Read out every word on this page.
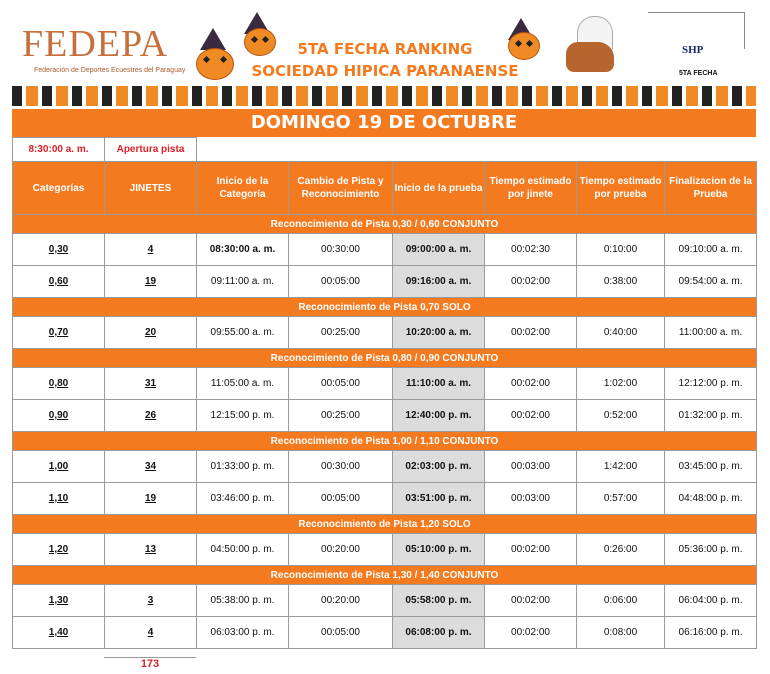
FEDEPA
Federación de Deportes Ecuestres del Paraguay
5TA FECHA RANKING
SOCIEDAD HIPICA PARANAENSE
SHP
5TA FECHA
DOMINGO 19 DE OCTUBRE
8:30:00 a. m.	Apertura pista						
Categorías	JINETES	Inicio de la Categoría	Cambio de Pista y Reconocimiento	Inicio de la prueba	Tiempo estimado por jinete	Tiempo estimado por prueba	Finalizacion de la Prueba
Reconocimiento de Pista 0,30 / 0,60 CONJUNTO							
0,30	4	08:30:00 a. m.	00:30:00	09:00:00 a. m.	00:02:30	0:10:00	09:10:00 a. m.
0,60	19	09:11:00 a. m.	00:05:00	09:16:00 a. m.	00:02:00	0:38:00	09:54:00 a. m.
Reconocimiento de Pista 0,70 SOLO							
0,70	20	09:55:00 a. m.	00:25:00	10:20:00 a. m.	00:02:00	0:40:00	11:00:00 a. m.
Reconocimiento de Pista 0,80 / 0,90 CONJUNTO							
0,80	31	11:05:00 a. m.	00:05:00	11:10:00 a. m.	00:02:00	1:02:00	12:12:00 p. m.
0,90	26	12:15:00 p. m.	00:25:00	12:40:00 p. m.	00:02:00	0:52:00	01:32:00 p. m.
Reconocimiento de Pista 1,00 / 1,10 CONJUNTO							
1,00	34	01:33:00 p. m.	00:30:00	02:03:00 p. m.	00:03:00	1:42:00	03:45:00 p. m.
1,10	19	03:46:00 p. m.	00:05:00	03:51:00 p. m.	00:03:00	0:57:00	04:48:00 p. m.
Reconocimiento de Pista 1,20 SOLO							
1,20	13	04:50:00 p. m.	00:20:00	05:10:00 p. m.	00:02:00	0:26:00	05:36:00 p. m.
Reconocimiento de Pista 1,30 / 1,40 CONJUNTO							
1,30	3	05:38:00 p. m.	00:20:00	05:58:00 p. m.	00:02:00	0:06:00	06:04:00 p. m.
1,40	4	06:03:00 p. m.	00:05:00	06:08:00 p. m.	00:02:00	0:08:00	06:16:00 p. m.
173
